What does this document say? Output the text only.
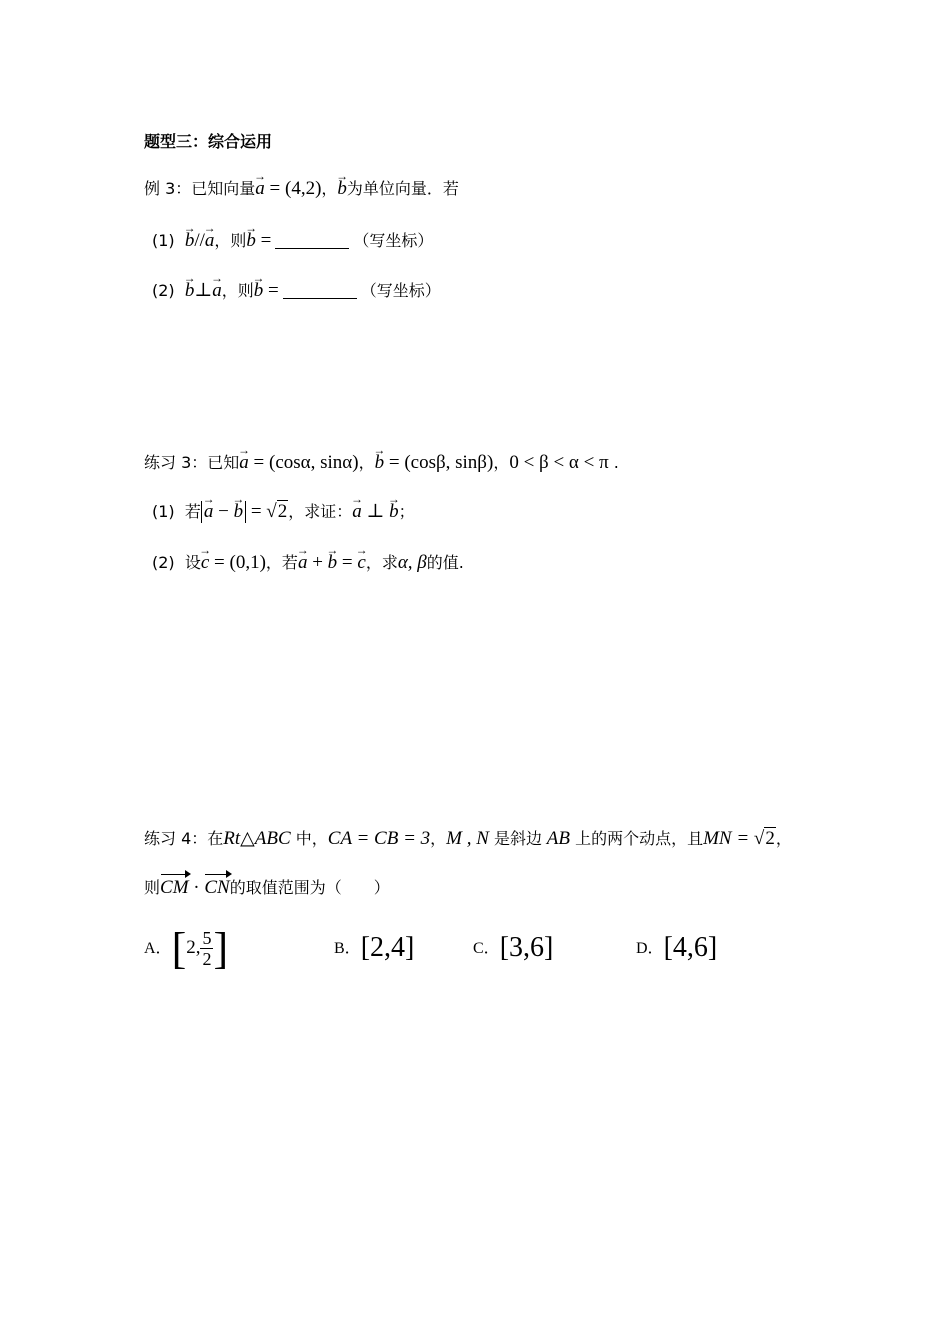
题型三：综合运用
例 3：已知向量→ a = (4,2)，→ b为单位向量．若
(1) → b//→ a，则→ b =	（写坐标）
(2) → b⊥→ a，则→ b =	（写坐标）
练习 3：已知→ a = (cosα, sinα)，→ b = (cosβ, sinβ)，0 < β < α < π .
(1) 若 → a − → b = √2，求证：→ a ⊥ → b；
(2) 设→ c = (0,1)，若→ a + → b = → c，求α, β的值.
练习 4：在Rt△ABC 中，CA = CB = 3，M , N 是斜边 AB 上的两个动点，且MN = √2，
则CM · CN的取值范围为（　　）
A．[2, $\frac{5}{2}$ ]	B．[2,4]	C．[3,6]	D．[4,6]
